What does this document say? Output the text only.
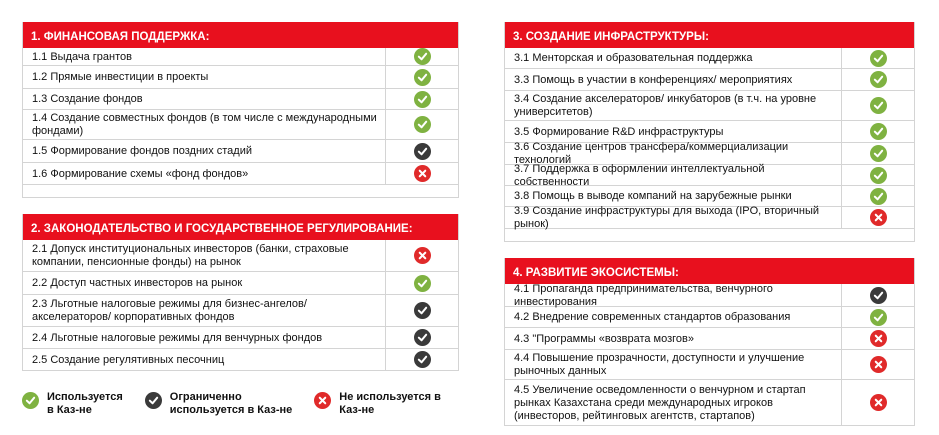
1. ФИНАНСОВАЯ ПОДДЕРЖКА:
1.1 Выдача грантов
1.2 Прямые инвестиции в проекты
1.3 Создание фондов
1.4 Создание совместных фондов (в том числе с международными фондами)
1.5 Формирование фондов поздних стадий
1.6 Формирование схемы «фонд фондов»
2. ЗАКОНОДАТЕЛЬСТВО И ГОСУДАРСТВЕННОЕ РЕГУЛИРОВАНИЕ:
2.1 Допуск институциональных инвесторов (банки, страховые компании, пенсионные фонды) на рынок
2.2 Доступ частных инвесторов на рынок
2.3 Льготные налоговые режимы для бизнес-ангелов/ акселераторов/ корпоративных фондов
2.4 Льготные налоговые режимы для венчурных фондов
2.5 Создание регулятивных песочниц
3. СОЗДАНИЕ ИНФРАСТРУКТУРЫ:
3.1 Менторская и образовательная поддержка
3.3 Помощь в участии в конференциях/ мероприятиях
3.4 Создание акселераторов/ инкубаторов (в т.ч. на уровне университетов)
3.5 Формирование R&D инфраструктуры
3.6 Создание центров трансфера/коммерциализации технологий
3.7 Поддержка в оформлении интеллектуальной собственности
3.8 Помощь в выводе компаний на зарубежные рынки
3.9 Создание инфраструктуры для выхода (IPO, вторичный рынок)
4. РАЗВИТИЕ ЭКОСИСТЕМЫ:
4.1 Пропаганда предпринимательства, венчурного инвестирования
4.2 Внедрение современных стандартов образования
4.3 "Программы «возврата мозгов»
4.4 Повышение прозрачности, доступности и улучшение рыночных данных
4.5 Увеличение осведомленности о венчурном и стартап рынках Казахстана среди международных игроков (инвесторов, рейтинговых агентств, стартапов)
Используется
в Каз-не
Ограниченно
используется в Каз-не
Не используется в
Каз-не
